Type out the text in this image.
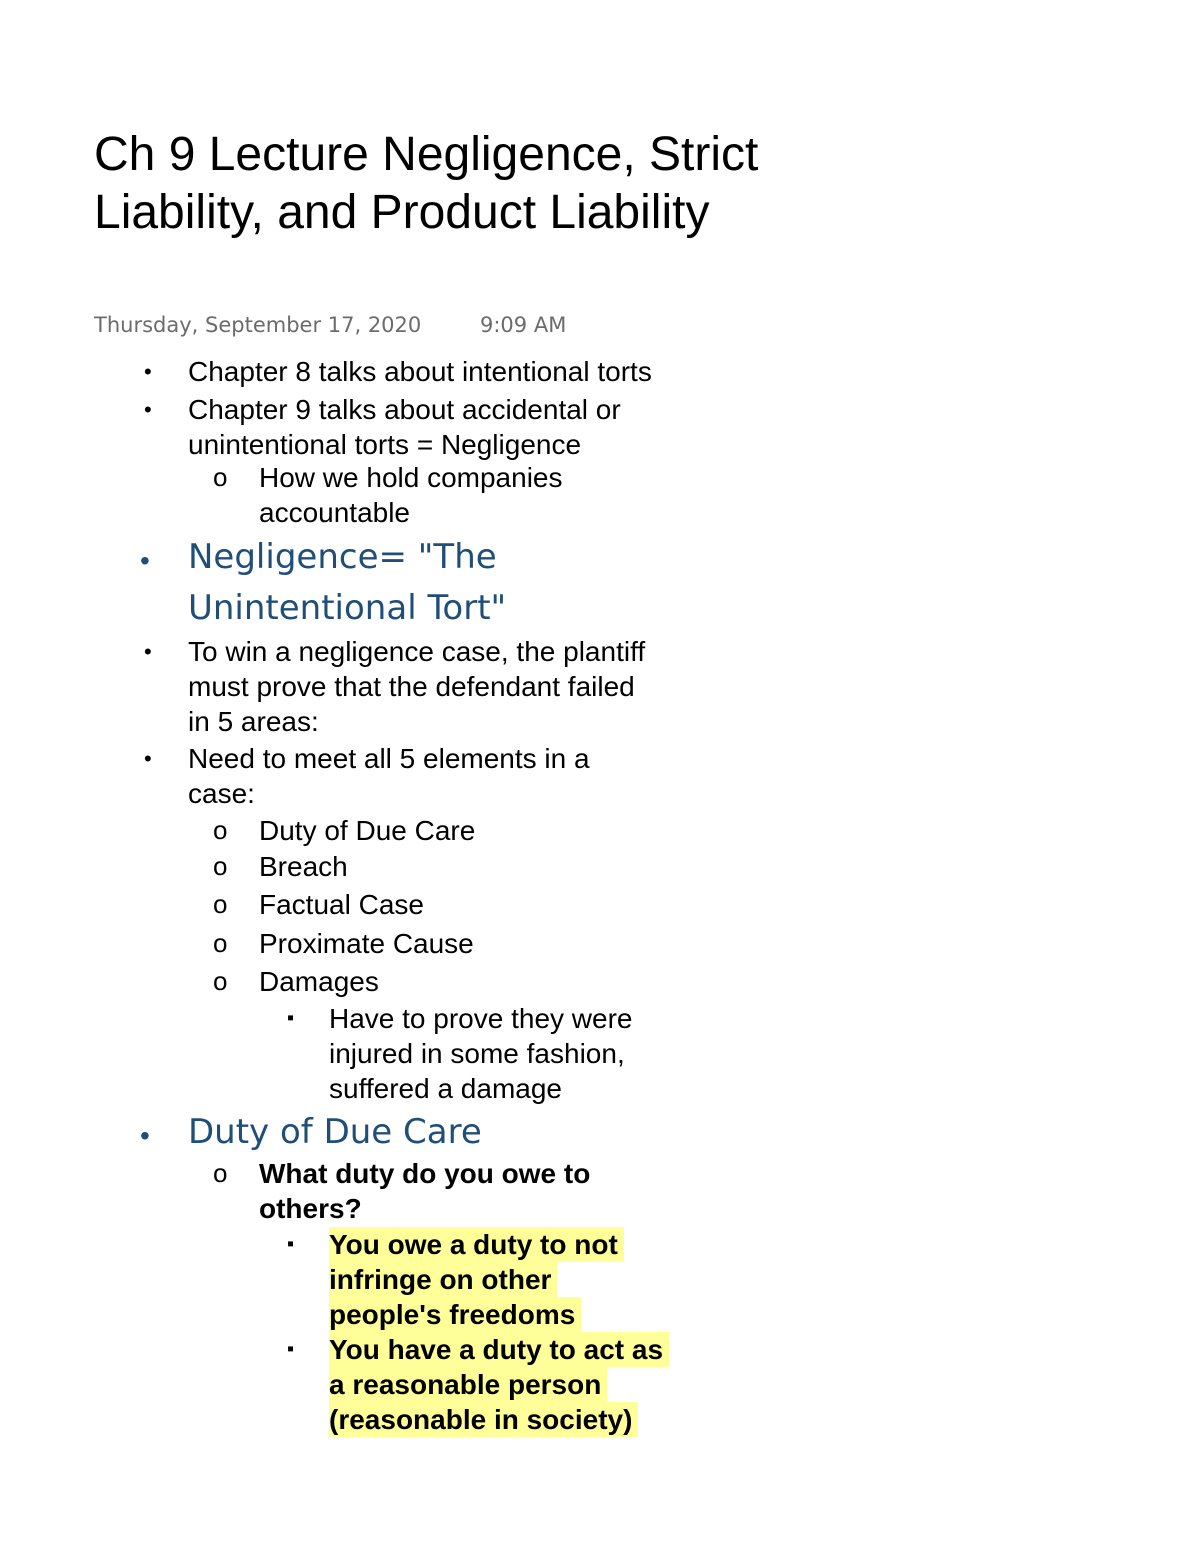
Ch 9 Lecture Negligence, Strict Liability, and Product Liability
Thursday, September 17, 2020	9:09 AM
• Chapter 8 talks about intentional torts
• Chapter 9 talks about accidental or
unintentional torts = Negligence
o How we hold companies
accountable
• Negligence= "The
Unintentional Tort"
• To win a negligence case, the plantiff
must prove that the defendant failed
in 5 areas:
• Need to meet all 5 elements in a
case:
o Duty of Due Care
o Breach
o Factual Case
o Proximate Cause
o Damages
▪ Have to prove they were
injured in some fashion,
suffered a damage
• Duty of Due Care
o What duty do you owe to
others?
▪ You owe a duty to not
infringe on other
people's freedoms
▪ You have a duty to act as
a reasonable person
(reasonable in society)
